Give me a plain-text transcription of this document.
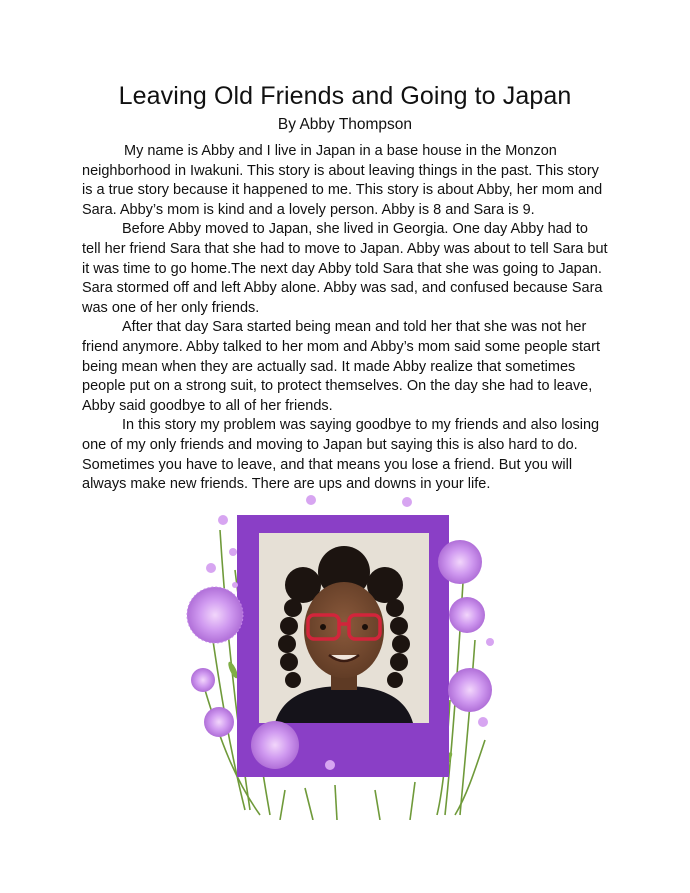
Leaving Old Friends and Going to Japan
By Abby Thompson

My name is Abby and I live in Japan in a base house in the Monzon neighborhood in Iwakuni. This story is about leaving things in the past. This story is a true story because it happened to me. This story is about Abby, her mom and Sara. Abby’s mom is kind and a lovely person. Abby is 8 and Sara is 9.

Before Abby moved to Japan, she lived in Georgia. One day Abby had to tell her friend Sara that she had to move to Japan. Abby was about to tell Sara but it was time to go home.The next day Abby told Sara that she was going to Japan. Sara stormed off and left Abby alone. Abby was sad, and confused because Sara was one of her only friends.

After that day Sara started being mean and told her that she was not her friend anymore. Abby talked to her mom and Abby’s mom said some people start being mean when they are actually sad. It made Abby realize that sometimes people put on a strong suit, to protect themselves. On the day she had to leave, Abby said goodbye to all of her friends.

In this story my problem was saying goodbye to my friends and also losing one of my only friends and moving to Japan but saying this is also hard to do. Sometimes you have to leave, and that means you lose a friend. But you will always make new friends. There are ups and downs in your life.
